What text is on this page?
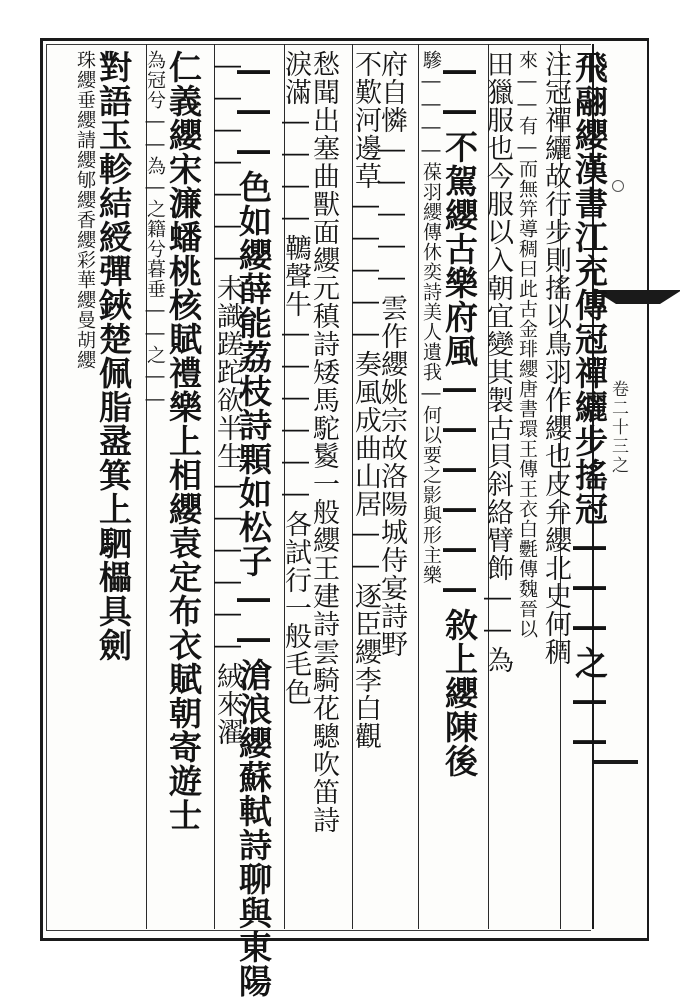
卷二十三之
飛翮纓漢書江充傳冠禪纚步搖冠―――之――
注冠禪纚故行步則搖以鳥羽作纓也皮弁纓北史何稠
來――有―而無笄導稠曰此古金琲纓唐書環王傳王衣白氎傳魏晉以
田獵服也今服以入朝宜變其製古貝斜絡臂飾――為
――不駕纓古樂府風――――――敘上纓陳後
驂――――葆羽纓傳休奕詩美人遺我―何以要之影與形主樂
府自憐―――――雲作纓姚宗故洛陽城侍宴詩野
不歎河邊草―――――奏風成曲山居――逐臣纓李白觀
愁聞出塞曲獸面纓元稹詩矮馬駝鬉一般纓王建詩雲騎花驄吹笛詩
淚滿――――韀聲牛――――――各試行一般毛色
―――色如纓薛能荔枝詩顆如松子――滄浪纓蘇軾詩聊與東陽
―――――――未識蹉跎欲半生――――――絨來濯
仁義纓宋濂蟠桃核賦禮樂上相纓袁定布衣賦朝寄遊士
為冠兮――為―之籍兮暮垂――之――
對語玉軫結綬彈鋏楚佩脂盝箕上駟櫑具劍
珠纓垂纓請纓郇纓香纓彩華纓曼胡纓
